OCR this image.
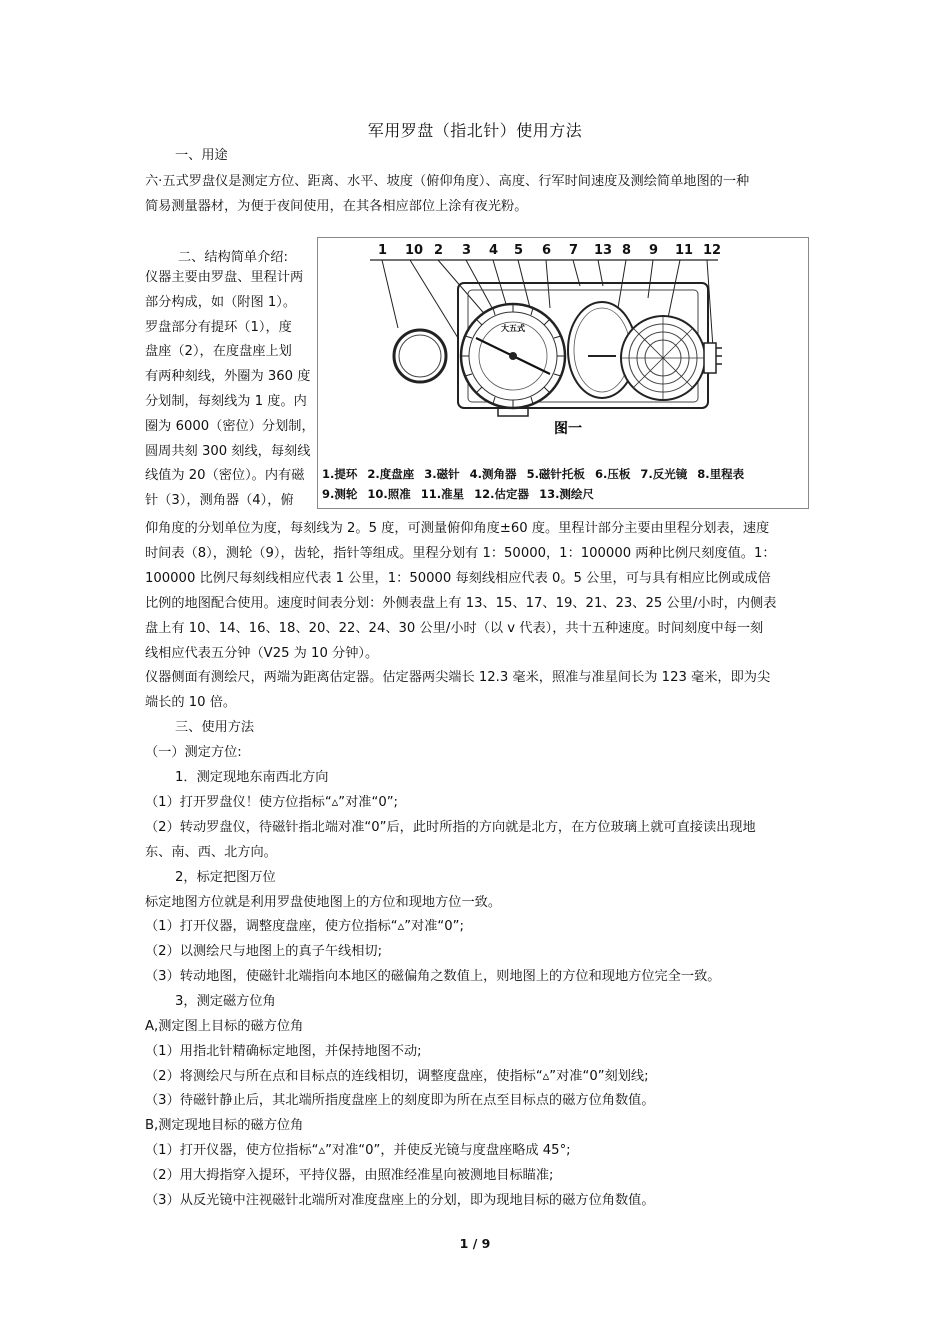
军用罗盘（指北针）使用方法
一、用途
六·五式罗盘仪是测定方位、距离、水平、坡度（俯仰角度）、高度、行军时间速度及测绘简单地图的一种
简易测量器材，为便于夜间使用，在其各相应部位上涂有夜光粉。
二、结构简单介绍:
仪器主要由罗盘、里程计两
部分构成，如（附图 1）。
罗盘部分有提环（1），度
盘座（2），在度盘座上划
有两种刻线，外圈为 360 度
分划制，每刻线为 1 度。内
圈为 6000（密位）分划制，
圆周共刻 300 刻线，每刻线
线值为 20（密位）。内有磁
针（3），测角器（4），俯
1 10 2 3 4 5 6 7 13 8 9 11 12
大五式
图一
1.提环 2.度盘座 3.磁针 4.测角器 5.磁针托板 6.压板 7.反光镜 8.里程表
9.测轮 10.照准 11.准星 12.估定器 13.测绘尺
仰角度的分划单位为度，每刻线为 2。5 度，可测量俯仰角度±60 度。里程计部分主要由里程分划表，速度
时间表（8），测轮（9），齿轮，指针等组成。里程分划有 1：50000，1：100000 两种比例尺刻度值。1：
100000 比例尺每刻线相应代表 1 公里，1：50000 每刻线相应代表 0。5 公里，可与具有相应比例或成倍
比例的地图配合使用。速度时间表分划：外侧表盘上有 13、15、17、19、21、23、25 公里/小时，内侧表
盘上有 10、14、16、18、20、22、24、30 公里/小时（以 v 代表），共十五种速度。时间刻度中每一刻
线相应代表五分钟（V25 为 10 分钟）。
仪器侧面有测绘尺，两端为距离估定器。估定器两尖端长 12.3 毫米，照准与准星间长为 123 毫米，即为尖
端长的 10 倍。
三、使用方法
（一）测定方位:
1．测定现地东南西北方向
（1）打开罗盘仪！使方位指标“▵”对准“0”;
（2）转动罗盘仪，待磁针指北端对准“0”后，此时所指的方向就是北方，在方位玻璃上就可直接读出现地
东、南、西、北方向。
2，标定把图万位
标定地图方位就是利用罗盘使地图上的方位和现地方位一致。
（1）打开仪器，调整度盘座，使方位指标“▵”对准“0”;
（2）以测绘尺与地图上的真子午线相切;
（3）转动地图，使磁针北端指向本地区的磁偏角之数值上，则地图上的方位和现地方位完全一致。
3，测定磁方位角
A,测定图上目标的磁方位角
（1）用指北针精确标定地图，并保持地图不动;
（2）将测绘尺与所在点和目标点的连线相切，调整度盘座，使指标“▵”对准“0”刻划线;
（3）待磁针静止后，其北端所指度盘座上的刻度即为所在点至目标点的磁方位角数值。
B,测定现地目标的磁方位角
（1）打开仪器，使方位指标“▵”对准“0”，并使反光镜与度盘座略成 45°;
（2）用大拇指穿入提环，平持仪器，由照准经准星向被测地目标瞄准;
（3）从反光镜中注视磁针北端所对准度盘座上的分划，即为现地目标的磁方位角数值。
1 / 9
